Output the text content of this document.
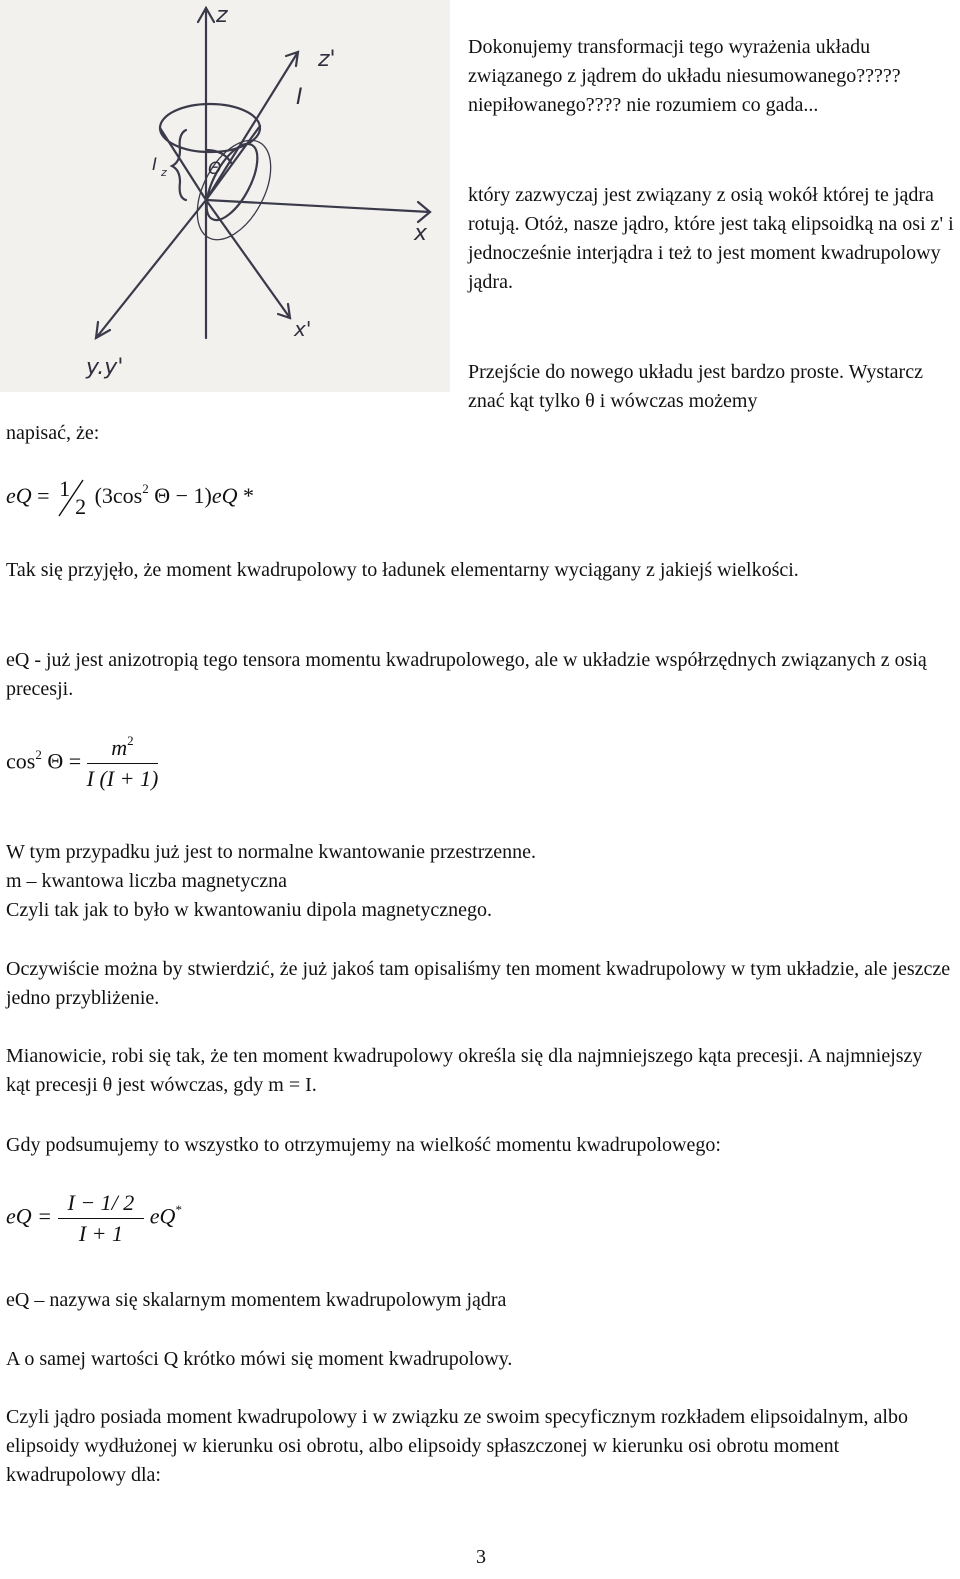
z
z'
I
x
x'
y.y'
I z Θ

Dokonujemy transformacji tego wyrażenia układu związanego z jądrem do układu niesumowanego????? niepiłowanego???? nie rozumiem co gada...

który zazwyczaj jest związany z osią wokół której te jądra rotują. Otóż, nasze jądro, które jest taką elipsoidką na osi z' i jednocześnie interjądra i też to jest moment kwadrupolowy jądra.

Przejście do nowego układu jest bardzo proste. Wystarcz znać kąt tylko θ i wówczas możemy

napisać, że:

eQ = 1
2 ($3\cos^2$ Θ − 1)eQ *

Tak się przyjęło, że moment kwadrupolowy to ładunek elementarny wyciągany z jakiejś wielkości.

eQ - już jest anizotropią tego tensora momentu kwadrupolowego, ale w układzie współrzędnych związanych z osią precesji.

$\cos^2 \Theta = \frac{m^2}{I (I + 1)}$

W tym przypadku już jest to normalne kwantowanie przestrzenne.

m – kwantowa liczba magnetyczna

Czyli tak jak to było w kwantowaniu dipola magnetycznego.

Oczywiście można by stwierdzić, że już jakoś tam opisaliśmy ten moment kwadrupolowy w tym układzie, ale jeszcze jedno przybliżenie.

Mianowicie, robi się tak, że ten moment kwadrupolowy określa się dla najmniejszego kąta precesji. A najmniejszy kąt precesji θ jest wówczas, gdy m = I.

Gdy podsumujemy to wszystko to otrzymujemy na wielkość momentu kwadrupolowego:

eQ = $\frac{I - 1/ 2}{I + 1} eQ^*$

eQ – nazywa się skalarnym momentem kwadrupolowym jądra

A o samej wartości Q krótko mówi się moment kwadrupolowy.

Czyli jądro posiada moment kwadrupolowy i w związku ze swoim specyficznym rozkładem elipsoidalnym, albo elipsoidy wydłużonej w kierunku osi obrotu, albo elipsoidy spłaszczonej w kierunku osi obrotu moment kwadrupolowy dla:

3
